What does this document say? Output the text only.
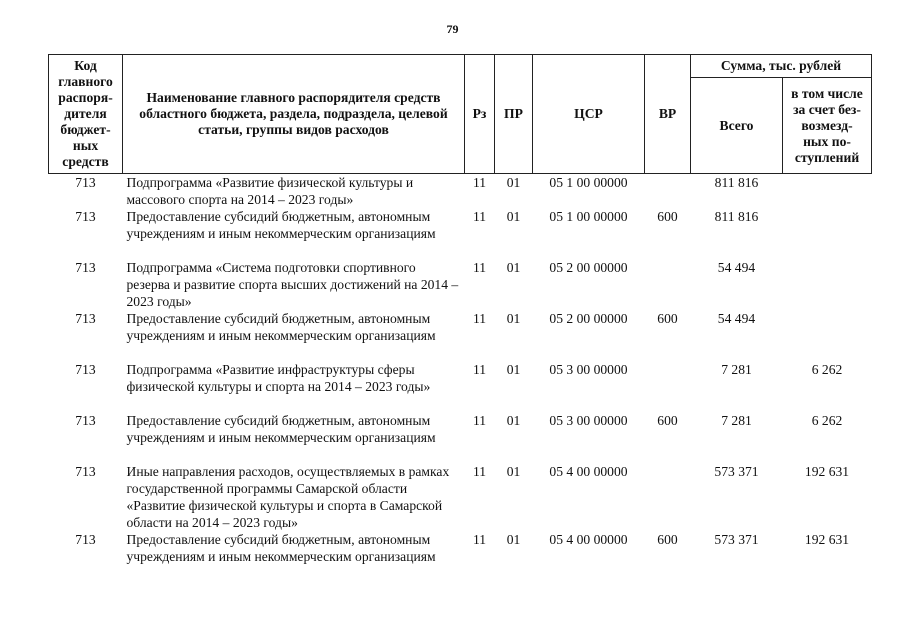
79
Код главного распоря-дителя бюджет-ных средств	Наименование главного распорядителя средств областного бюджета, раздела, подраздела, целевой статьи, группы видов расходов	Рз	ПР	ЦСР	ВР	Сумма, тыс. рублей	
						Всего	в том числе за счет без-возмезд-ных по-ступлений
713	Подпрограмма «Развитие физической культуры и массового спорта на 2014 – 2023 годы»	11	01	05 1 00 00000		811 816	
713	Предоставление субсидий бюджетным, автономным учреждениям и иным некоммерческим организациям	11	01	05 1 00 00000	600	811 816	
713	Подпрограмма «Система подготовки спортивного резерва и развитие спорта высших достижений на 2014 – 2023 годы»	11	01	05 2 00 00000		54 494	
713	Предоставление субсидий бюджетным, автономным учреждениям и иным некоммерческим организациям	11	01	05 2 00 00000	600	54 494	
713	Подпрограмма «Развитие инфраструктуры сферы физической культуры и спорта на 2014 – 2023 годы»	11	01	05 3 00 00000		7 281	6 262
713	Предоставление субсидий бюджетным, автономным учреждениям и иным некоммерческим организациям	11	01	05 3 00 00000	600	7 281	6 262
713	Иные направления расходов, осуществляемых в рамках государственной программы Самарской области «Развитие физической культуры и спорта в Самарской области на 2014 – 2023 годы»	11	01	05 4 00 00000		573 371	192 631
713	Предоставление субсидий бюджетным, автономным учреждениям и иным некоммерческим организациям	11	01	05 4 00 00000	600	573 371	192 631
